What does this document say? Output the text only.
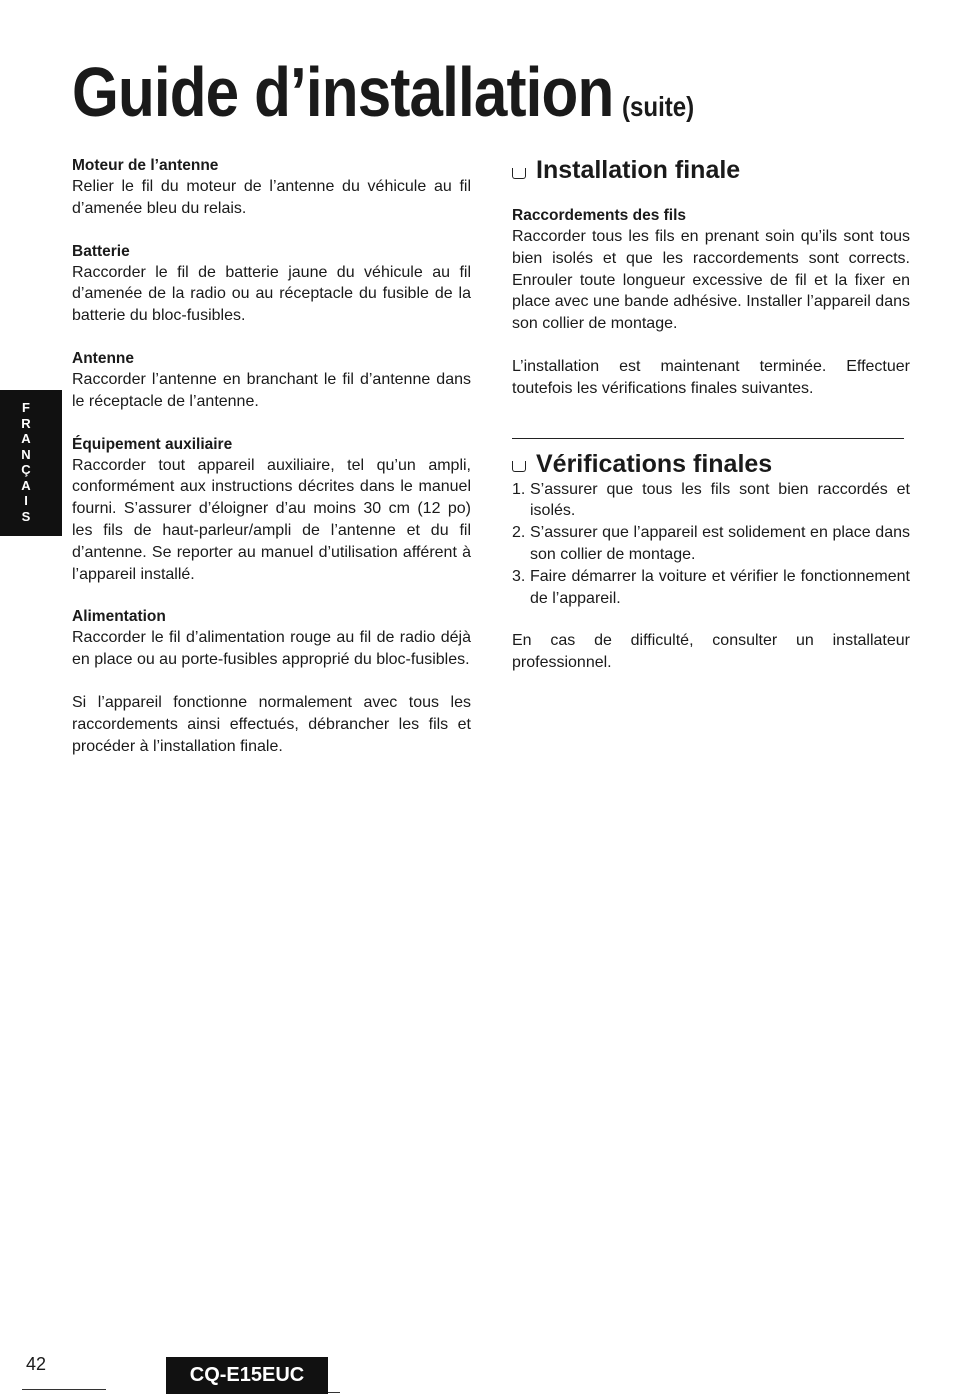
Guide d’installation (suite)
F
R
A
N
Ç
A
I
S

Moteur de l’antenne

Relier le fil du moteur de l’antenne du véhicule au fil d’amenée bleu du relais.

Batterie

Raccorder le fil de batterie jaune du véhicule au fil d’amenée de la radio ou au réceptacle du fusible de la batterie du bloc-fusibles.

Antenne

Raccorder l’antenne en branchant le fil d’antenne dans le réceptacle de l’antenne.

Équipement auxiliaire

Raccorder tout appareil auxiliaire, tel qu’un ampli, conformément aux instructions décrites dans le manuel fourni. S’assurer d’éloigner d’au moins 30 cm (12 po) les fils de haut-parleur/ampli de l’antenne et du fil d’antenne. Se reporter au manuel d’utilisation afférent à l’appareil installé.

Alimentation

Raccorder le fil d’alimentation rouge au fil de radio déjà en place ou au porte-fusibles approprié du bloc-fusibles.

Si l’appareil fonctionne normalement avec tous les raccordements ainsi effectués, débrancher les fils et procéder à l’installation finale.

Installation finale

Raccordements des fils

Raccorder tous les fils en prenant soin qu’ils sont tous bien isolés et que les raccordements sont corrects. Enrouler toute longueur excessive de fil et la fixer en place avec une bande adhésive. Installer l’appareil dans son collier de montage.

L’installation est maintenant terminée. Effectuer toutefois les vérifications finales suivantes.

Vérifications finales
1. S’assurer que tous les fils sont bien raccordés et isolés.
2. S’assurer que l’appareil est solidement en place dans son collier de montage.
3. Faire démarrer la voiture et vérifier le fonctionnement de l’appareil.

En cas de difficulté, consulter un installateur professionnel.

42	CQ-E15EUC
